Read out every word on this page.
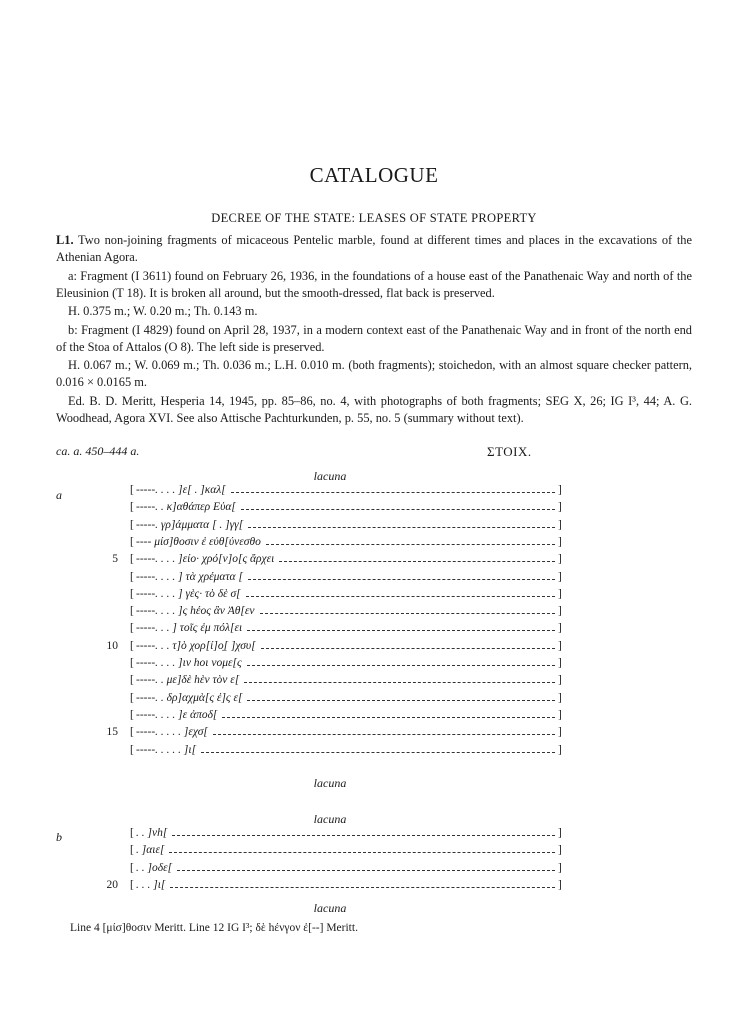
CATALOGUE
DECREE OF THE STATE: LEASES OF STATE PROPERTY
L1. Two non-joining fragments of micaceous Pentelic marble, found at different times and places in the excavations of the Athenian Agora.
a: Fragment (I 3611) found on February 26, 1936, in the foundations of a house east of the Panathenaic Way and north of the Eleusinion (T 18). It is broken all around, but the smooth-dressed, flat back is preserved.
H. 0.375 m.; W. 0.20 m.; Th. 0.143 m.
b: Fragment (I 4829) found on April 28, 1937, in a modern context east of the Panathenaic Way and in front of the north end of the Stoa of Attalos (O 8). The left side is preserved.
H. 0.067 m.; W. 0.069 m.; Th. 0.036 m.; L.H. 0.010 m. (both fragments); stoichedon, with an almost square checker pattern, 0.016 × 0.0165 m.
Ed. B. D. Meritt, Hesperia 14, 1945, pp. 85–86, no. 4, with photographs of both fragments; SEG X, 26; IG I³, 44; A. G. Woodhead, Agora XVI. See also Attische Pachturkunden, p. 55, no. 5 (summary without text).
ca. a. 450–444 a.	ΣΤΟΙΧ.
lacuna
a	[ -----. . . . ]ε[ . ]καλ[	]
[ -----. . κ]αθάπερ Εὐα[	]
[ -----. γρ]άμματα [ . ]γγ[	]
[ ---- μίσ]θοσιν ἐ εὐθ[ύνεσθο	]
5 [ -----. . . . ]είο· χρό[ν]ο[ς ἄρχει	]
[ -----. . . . ] τὰ χρέματα [	]
[ -----. . . . ] γὲς· τὸ δὲ σ[	]
[ -----. . . . ]ς hέος ἂν Ἀθ[εν	]
[ -----. . . ] τοῖς ἐμ πόλ[ει	]
10 [ -----. . . τ]ὸ χορ[ί]ο̣[ ]χσυ[	]
[ -----. . . . ]ιν hοι νομε[ς	]
[ -----. . με]δὲ hὲν τὸν ε[	]
[ -----. . δρ]αχμὰ[ς ἐ]ς ε[	]
[ -----. . . . ]ε ἀποδ[	]
15 [ -----. . . . . ]εχσ[	]
[ -----. . . . . ]ι[	]
lacuna
lacuna
b	[ . . ]νh[	]
[ . ]αιε[	]
[ . . ]οδε[	]
20 [ . . . ]ι[	]
lacuna
Line 4 [μίσ]θοσιν Meritt. Line 12 IG I³; δὲ hένγον ἐ[--] Meritt.
